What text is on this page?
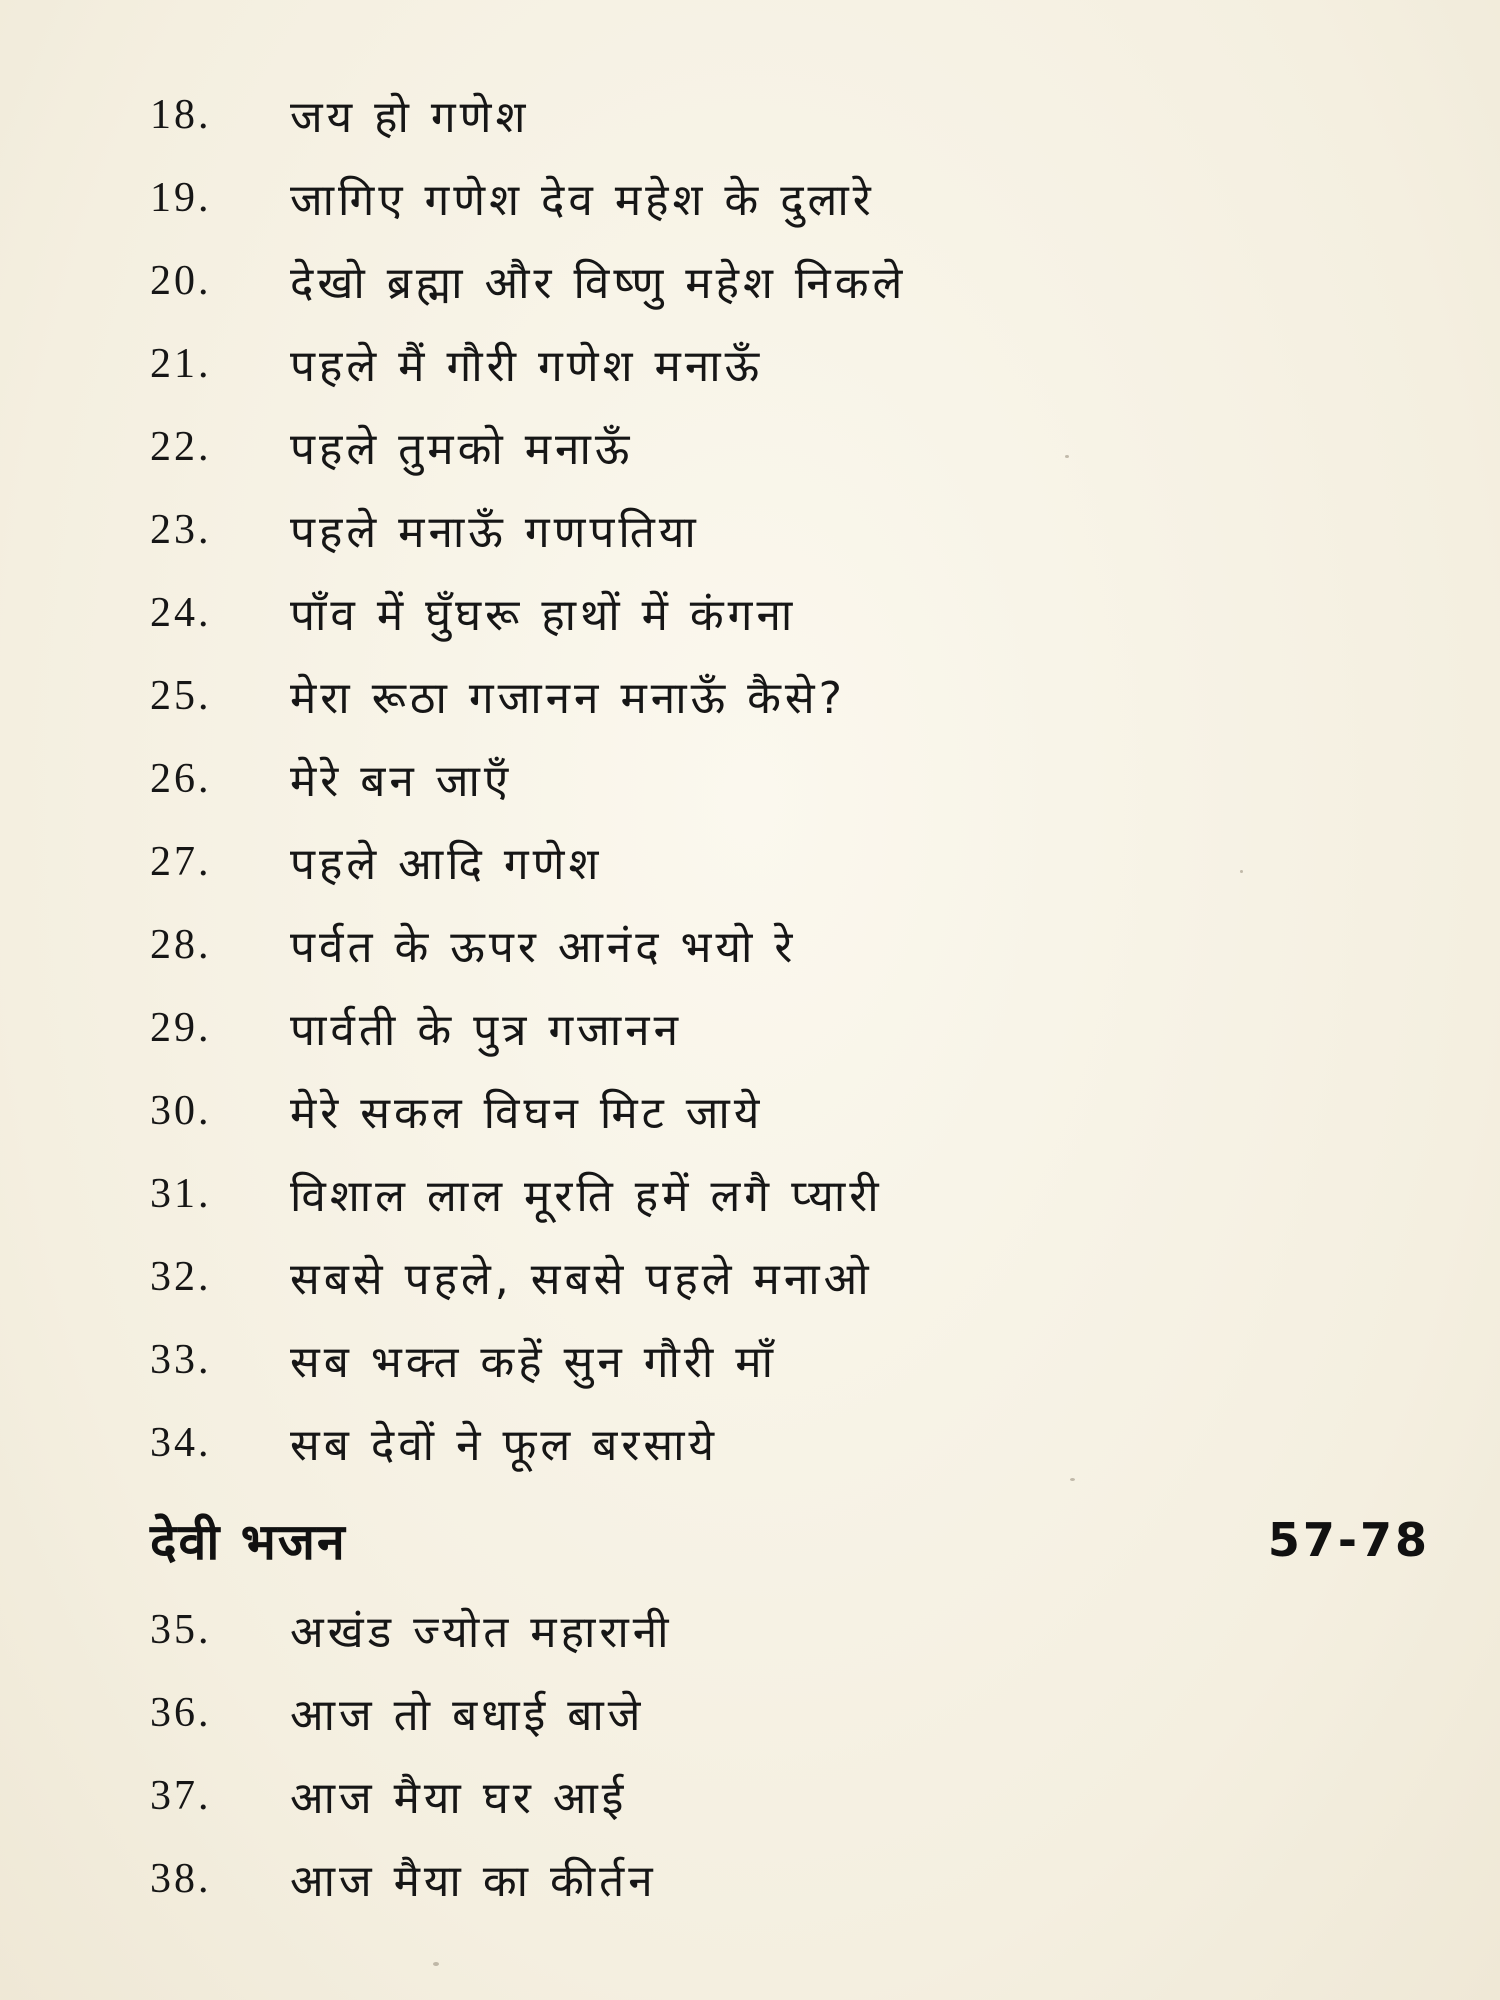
18.	जय हो गणेश
19.	जागिए गणेश देव महेश के दुलारे
20.	देखो ब्रह्मा और विष्णु महेश निकले
21.	पहले मैं गौरी गणेश मनाऊँ
22.	पहले तुमको मनाऊँ
23.	पहले मनाऊँ गणपतिया
24.	पाँव में घुँघरू हाथों में कंगना
25.	मेरा रूठा गजानन मनाऊँ कैसे?
26.	मेरे बन जाएँ
27.	पहले आदि गणेश
28.	पर्वत के ऊपर आनंद भयो रे
29.	पार्वती के पुत्र गजानन
30.	मेरे सकल विघन मिट जाये
31.	विशाल लाल मूरति हमें लगै प्यारी
32.	सबसे पहले, सबसे पहले मनाओ
33.	सब भक्त कहें सुन गौरी माँ
34.	सब देवों ने फूल बरसाये
देवी भजन	57-78
35.	अखंड ज्योत महारानी
36.	आज तो बधाई बाजे
37.	आज मैया घर आई
38.	आज मैया का कीर्तन
